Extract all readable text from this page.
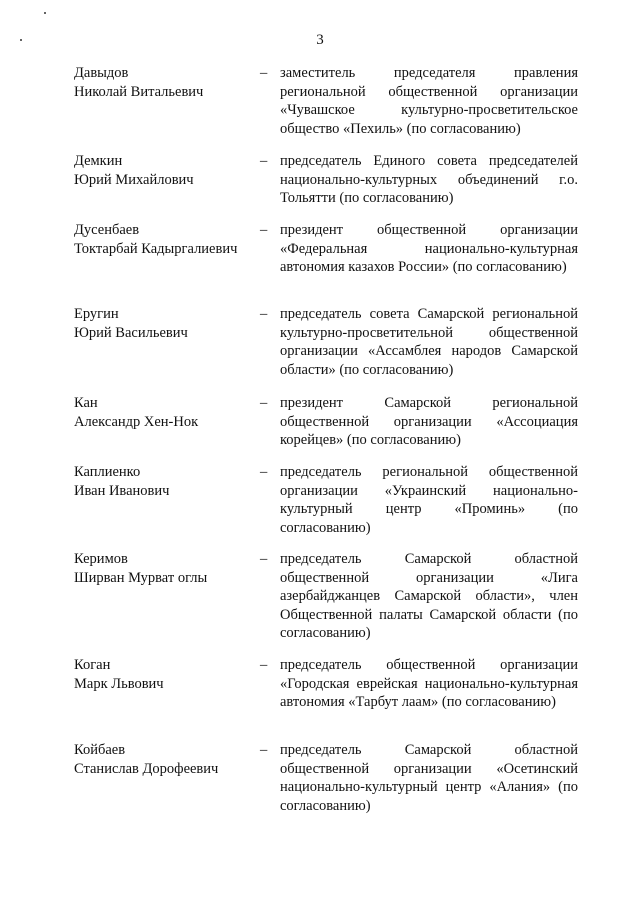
3
Давыдов
Николай Витальевич
– заместитель председателя правления региональной общественной организации «Чувашское культурно-просветительское общество «Пехиль» (по согласованию)
Демкин
Юрий Михайлович
– председатель Единого совета председателей национально-культурных объединений г.о. Тольятти (по согласованию)
Дусенбаев
Токтарбай Кадыргалиевич
– президент общественной организации «Федеральная национально-культурная автономия казахов России» (по согласованию)
Еругин
Юрий Васильевич
– председатель совета Самарской региональной культурно-просветительной общественной организации «Ассамблея народов Самарской области» (по согласованию)
Кан
Александр Хен-Нок
– президент Самарской региональной общественной организации «Ассоциация корейцев» (по согласованию)
Каплиенко
Иван Иванович
– председатель региональной общественной организации «Украинский национально-культурный центр «Проминь» (по согласованию)
Керимов
Ширван Мурват оглы
– председатель Самарской областной общественной организации «Лига азербайджанцев Самарской области», член Общественной палаты Самарской области (по согласованию)
Коган
Марк Львович
– председатель общественной организации «Городская еврейская национально-культурная автономия «Тарбут лаам» (по согласованию)
Койбаев
Станислав Дорофеевич
– председатель Самарской областной общественной организации «Осетинский национально-культурный центр «Алания» (по согласованию)
